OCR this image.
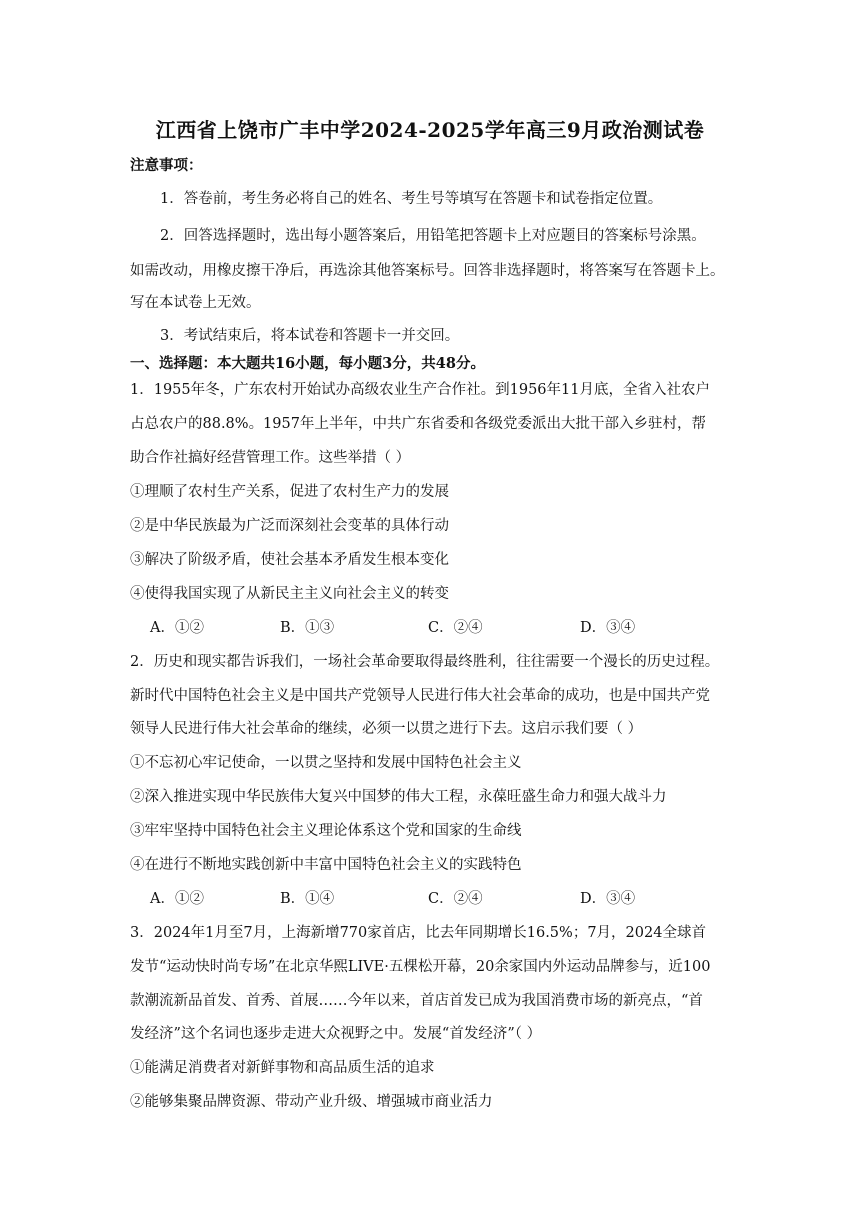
江西省上饶市广丰中学2024-2025学年高三9月政治测试卷
注意事项：
1．答卷前，考生务必将自己的姓名、考生号等填写在答题卡和试卷指定位置。
2．回答选择题时，选出每小题答案后，用铅笔把答题卡上对应题目的答案标号涂黑。
如需改动，用橡皮擦干净后，再选涂其他答案标号。回答非选择题时，将答案写在答题卡上。
写在本试卷上无效。
3．考试结束后，将本试卷和答题卡一并交回。
一、选择题：本大题共16小题，每小题3分，共48分。
1．1955年冬，广东农村开始试办高级农业生产合作社。到1956年11月底，全省入社农户
占总农户的88.8%。1957年上半年，中共广东省委和各级党委派出大批干部入乡驻村，帮
助合作社搞好经营管理工作。这些举措（ ）
①理顺了农村生产关系，促进了农村生产力的发展
②是中华民族最为广泛而深刻社会变革的具体行动
③解决了阶级矛盾，使社会基本矛盾发生根本变化
④使得我国实现了从新民主主义向社会主义的转变
A．①②	B．①③	C．②④	D．③④
2．历史和现实都告诉我们，一场社会革命要取得最终胜利，往往需要一个漫长的历史过程。
新时代中国特色社会主义是中国共产党领导人民进行伟大社会革命的成功，也是中国共产党
领导人民进行伟大社会革命的继续，必须一以贯之进行下去。这启示我们要（ ）
①不忘初心牢记使命，一以贯之坚持和发展中国特色社会主义
②深入推进实现中华民族伟大复兴中国梦的伟大工程，永葆旺盛生命力和强大战斗力
③牢牢坚持中国特色社会主义理论体系这个党和国家的生命线
④在进行不断地实践创新中丰富中国特色社会主义的实践特色
A．①②	B．①④	C．②④	D．③④
3．2024年1月至7月，上海新增770家首店，比去年同期增长16.5%；7月，2024全球首
发节“运动快时尚专场”在北京华熙LIVE·五棵松开幕，20余家国内外运动品牌参与，近100
款潮流新品首发、首秀、首展……今年以来，首店首发已成为我国消费市场的新亮点，“首
发经济”这个名词也逐步走进大众视野之中。发展“首发经济”（ ）
①能满足消费者对新鲜事物和高品质生活的追求
②能够集聚品牌资源、带动产业升级、增强城市商业活力
